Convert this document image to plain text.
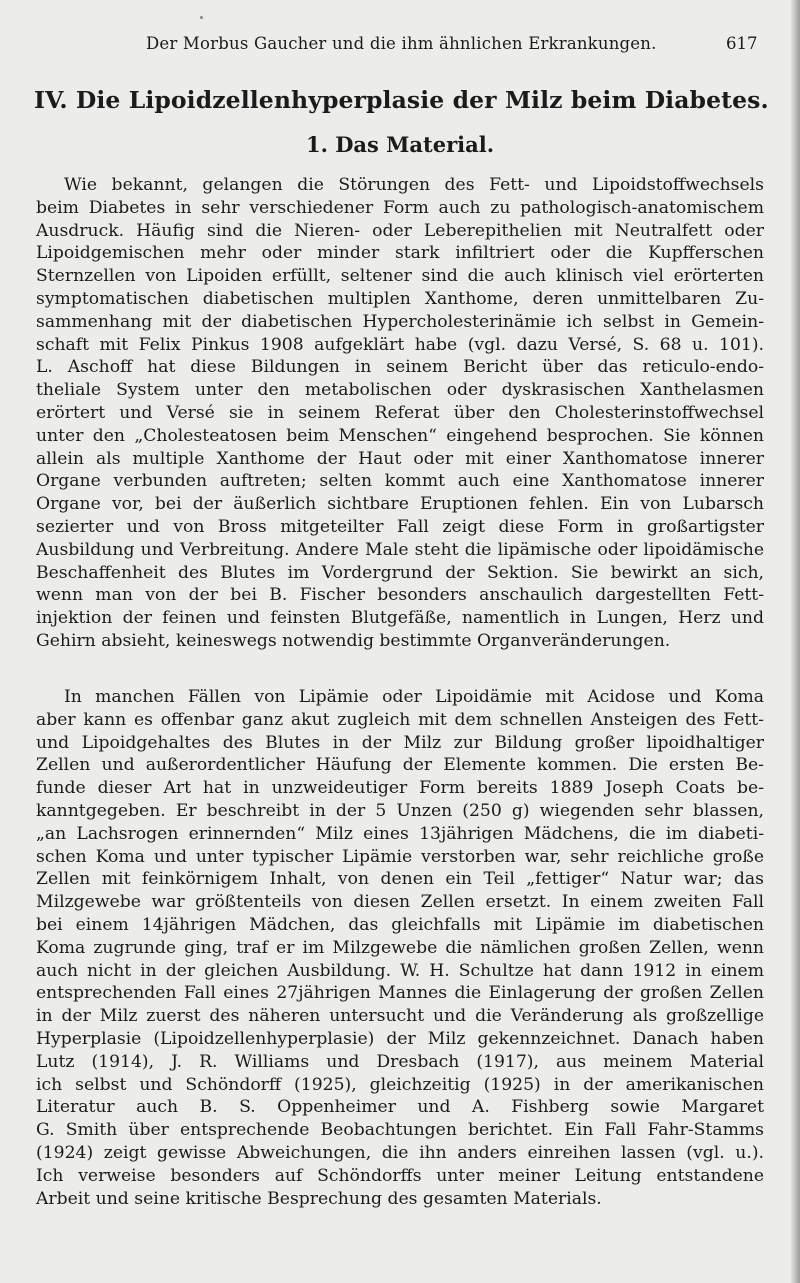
Der Morbus Gaucher und die ihm ähnlichen Erkrankungen.	617
IV. Die Lipoidzellenhyperplasie der Milz beim Diabetes.
1. Das Material.
Wie bekannt, gelangen die Störungen des Fett- und Lipoidstoffwechsels
beim Diabetes in sehr verschiedener Form auch zu pathologisch-anatomischem
Ausdruck. Häufig sind die Nieren- oder Leberepithelien mit Neutralfett oder
Lipoidgemischen mehr oder minder stark infiltriert oder die Kupfferschen
Sternzellen von Lipoiden erfüllt, seltener sind die auch klinisch viel erörterten
symptomatischen diabetischen multiplen Xanthome, deren unmittelbaren Zu-
sammenhang mit der diabetischen Hypercholesterinämie ich selbst in Gemein-
schaft mit Felix Pinkus 1908 aufgeklärt habe (vgl. dazu Versé, S. 68 u. 101).
L. Aschoff hat diese Bildungen in seinem Bericht über das reticulo-endo-
theliale System unter den metabolischen oder dyskrasischen Xanthelasmen
erörtert und Versé sie in seinem Referat über den Cholesterinstoffwechsel
unter den „Cholesteatosen beim Menschen“ eingehend besprochen. Sie können
allein als multiple Xanthome der Haut oder mit einer Xanthomatose innerer
Organe verbunden auftreten; selten kommt auch eine Xanthomatose innerer
Organe vor, bei der äußerlich sichtbare Eruptionen fehlen. Ein von Lubarsch
sezierter und von Bross mitgeteilter Fall zeigt diese Form in großartigster
Ausbildung und Verbreitung. Andere Male steht die lipämische oder lipoidämische
Beschaffenheit des Blutes im Vordergrund der Sektion. Sie bewirkt an sich,
wenn man von der bei B. Fischer besonders anschaulich dargestellten Fett-
injektion der feinen und feinsten Blutgefäße, namentlich in Lungen, Herz und
Gehirn absieht, keineswegs notwendig bestimmte Organveränderungen.
In manchen Fällen von Lipämie oder Lipoidämie mit Acidose und Koma
aber kann es offenbar ganz akut zugleich mit dem schnellen Ansteigen des Fett-
und Lipoidgehaltes des Blutes in der Milz zur Bildung großer lipoidhaltiger
Zellen und außerordentlicher Häufung der Elemente kommen. Die ersten Be-
funde dieser Art hat in unzweideutiger Form bereits 1889 Joseph Coats be-
kanntgegeben. Er beschreibt in der 5 Unzen (250 g) wiegenden sehr blassen,
„an Lachsrogen erinnernden“ Milz eines 13jährigen Mädchens, die im diabeti-
schen Koma und unter typischer Lipämie verstorben war, sehr reichliche große
Zellen mit feinkörnigem Inhalt, von denen ein Teil „fettiger“ Natur war; das
Milzgewebe war größtenteils von diesen Zellen ersetzt. In einem zweiten Fall
bei einem 14jährigen Mädchen, das gleichfalls mit Lipämie im diabetischen
Koma zugrunde ging, traf er im Milzgewebe die nämlichen großen Zellen, wenn
auch nicht in der gleichen Ausbildung. W. H. Schultze hat dann 1912 in einem
entsprechenden Fall eines 27jährigen Mannes die Einlagerung der großen Zellen
in der Milz zuerst des näheren untersucht und die Veränderung als großzellige
Hyperplasie (Lipoidzellenhyperplasie) der Milz gekennzeichnet. Danach haben
Lutz (1914), J. R. Williams und Dresbach (1917), aus meinem Material
ich selbst und Schöndorff (1925), gleichzeitig (1925) in der amerikanischen
Literatur auch B. S. Oppenheimer und A. Fishberg sowie Margaret
G. Smith über entsprechende Beobachtungen berichtet. Ein Fall Fahr-Stamms
(1924) zeigt gewisse Abweichungen, die ihn anders einreihen lassen (vgl. u.).
Ich verweise besonders auf Schöndorffs unter meiner Leitung entstandene
Arbeit und seine kritische Besprechung des gesamten Materials.
